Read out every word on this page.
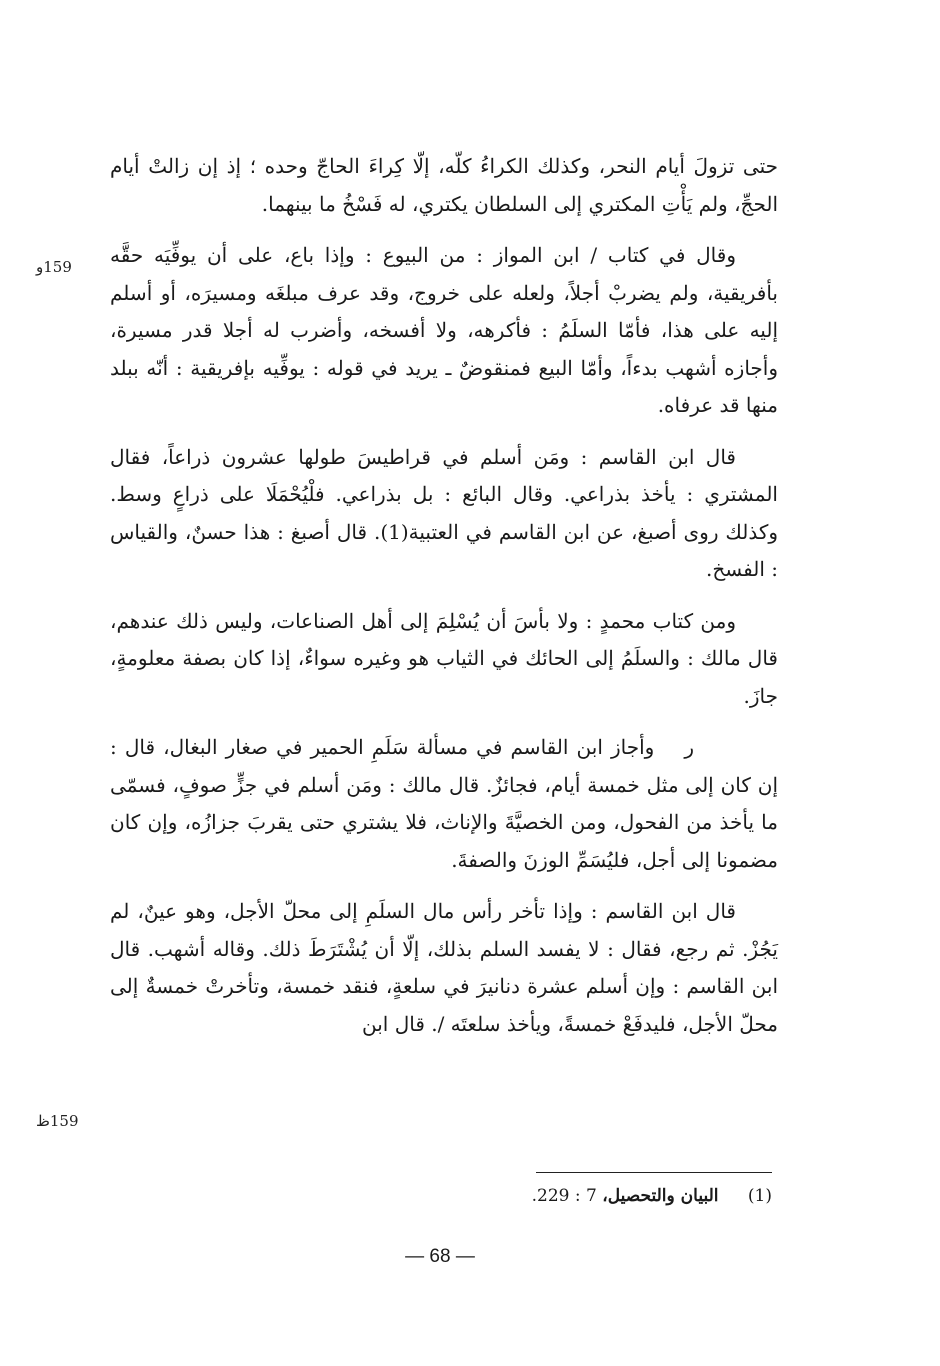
حتى تزولَ أيام النحر، وكذلك الكراءُ كلّه، إلّا كِراءَ الحاجّ وحده ؛ إذ إن زالتْ أيام الحجِّ، ولم يَأْتِ المكتري إلى السلطان يكتري، له فَسْخُ ما بينهما.

وقال في كتاب / ابن المواز : من البيوع : وإذا باع، على أن يوفِّيَه حقَّه بأفريقية، ولم يضربْ أجلاً، ولعله على خروج، وقد عرف مبلغَه ومسيرَه، أو أسلم إليه على هذا، فأمّا السلَمُ : فأكرهه، ولا أفسخه، وأضرب له أجلا قدر مسيرة، وأجازه أشهب بدءاً، وأمّا البيع فمنقوضٌ ـ يريد في قوله : يوفِّيه بإفريقية : أنّه ببلد منها قد عرفاه.

قال ابن القاسم : ومَن أسلم في قراطيسَ طولها عشرون ذراعاً، فقال المشتري : يأخذ بذراعي. وقال البائع : بل بذراعي. فلْيُحْمَلَا على ذراعٍ وسط. وكذلك روى أصبغ، عن ابن القاسم في العتبية(1). قال أصبغ : هذا حسنٌ، والقياس : الفسخ.

ومن كتاب محمدٍ : ولا بأسَ أن يُسْلِمَ إلى أهل الصناعات، وليس ذلك عندهم، قال مالك : والسلَمُ إلى الحائك في الثياب هو وغيره سواءٌ، إذا كان بصفة معلومةٍ، جازَ.

روأجاز ابن القاسم في مسألة سَلَمِ الحمير في صغار البغال، قال : إن كان إلى مثل خمسة أيام، فجائزٌ. قال مالك : ومَن أسلم في جزٍّ صوفٍ، فسمّى ما يأخذ من الفحول، ومن الخصيَّةَ والإناث، فلا يشتري حتى يقربَ جزازُه، وإن كان مضمونا إلى أجل، فليُسَمِّ الوزنَ والصفةَ.

قال ابن القاسم : وإذا تأخر رأس مال السلَمِ إلى محلّ الأجل، وهو عينٌ، لم يَجُزْ. ثم رجع، فقال : لا يفسد السلم بذلك، إلّا أن يُشْتَرَطَ ذلك. وقاله أشهب. قال ابن القاسم : وإن أسلم عشرة دنانيرَ في سلعةٍ، فنقد خمسة، وتأخرتْ خمسةٌ إلى محلّ الأجل، فليدفَعْ خمسةً، ويأخذ سلعتَه /. قال ابن

159و
159ظ
(1) البيان والتحصيل، 7 : 229.
— 68 —
